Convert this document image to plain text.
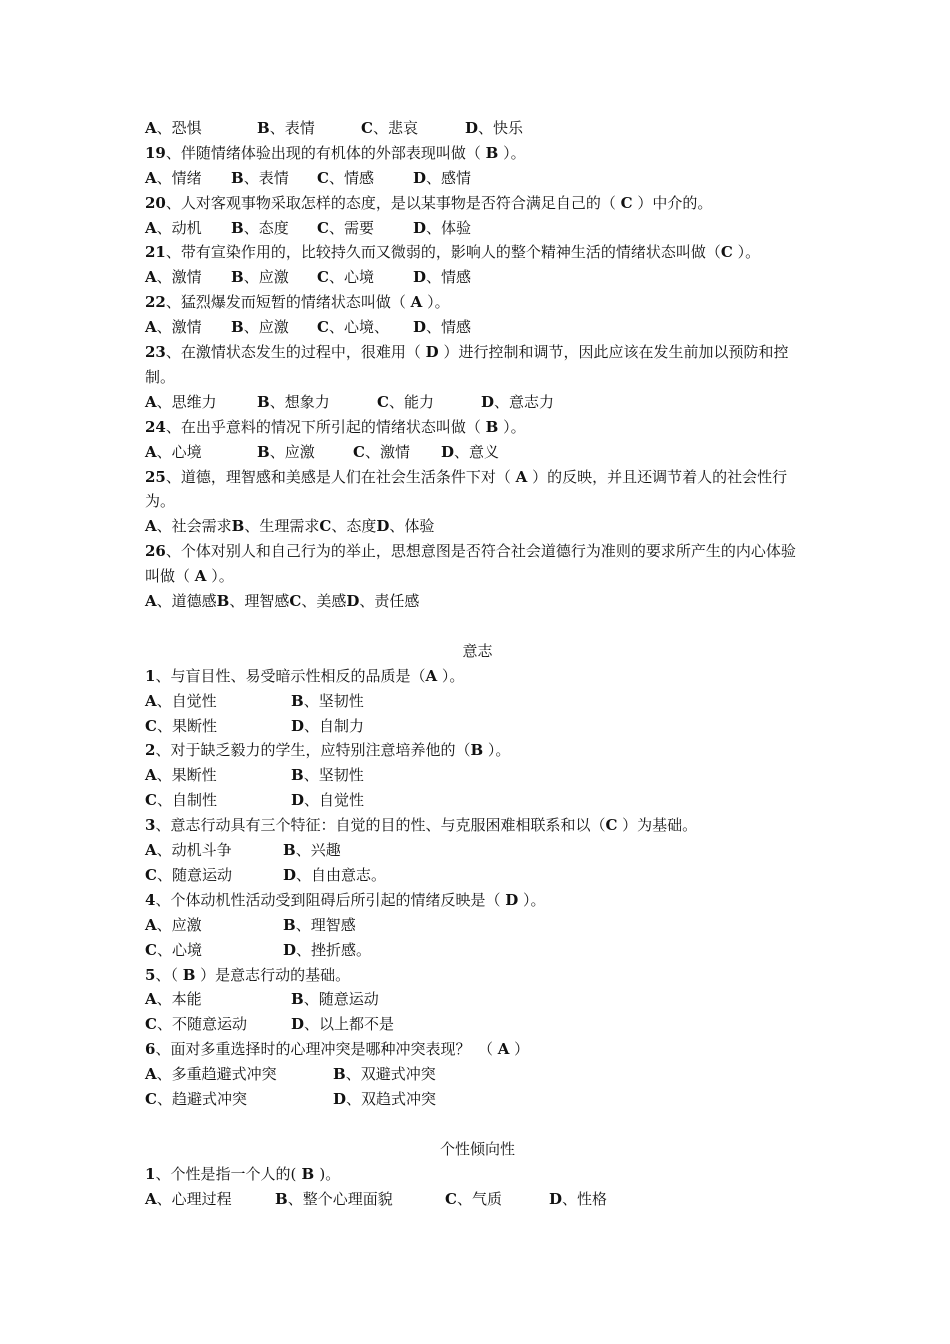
A、恐惧	B、表情	C、悲哀	D、快乐
19、伴随情绪体验出现的有机体的外部表现叫做（ B ）。
A、情绪 B、表情 C、情感	D、感情
20、人对客观事物采取怎样的态度，是以某事物是否符合满足自己的（ C ）中介的。
A、动机 B、态度 C、需要	D、体验
21、带有宣染作用的，比较持久而又微弱的，影响人的整个精神生活的情绪状态叫做（C ）。
A、激情 B、应激 C、心境	D、情感
22、猛烈爆发而短暂的情绪状态叫做（ A ）。
A、激情 B、应激 C、心境、 D、情感
23、在激情状态发生的过程中，很难用（ D ）进行控制和调节，因此应该在发生前加以预防和控制。
A、思维力	B、想象力	C、能力	D、意志力
24、在出乎意料的情况下所引起的情绪状态叫做（ B ）。
A、心境	B、应激	C、激情 D、意义
25、道德，理智感和美感是人们在社会生活条件下对（ A ）的反映，并且还调节着人的社会性行为。
A、社会需求B、生理需求C、态度D、体验
26、个体对别人和自己行为的举止，思想意图是否符合社会道德行为准则的要求所产生的内心体验叫做（ A ）。
A、道德感B、理智感C、美感D、责任感
意志
1、与盲目性、易受暗示性相反的品质是（A ）。
A、自觉性	B、坚韧性
C、果断性	D、自制力
2、对于缺乏毅力的学生，应特别注意培养他的（B ）。
A、果断性	B、坚韧性
C、自制性	D、自觉性
3、意志行动具有三个特征：自觉的目的性、与克服困难相联系和以（C ）为基础。
A、动机斗争	B、兴趣
C、随意运动	D、自由意志。
4、个体动机性活动受到阻碍后所引起的情绪反映是（ D ）。
A、应激	B、理智感
C、心境	D、挫折感。
5、（ B ）是意志行动的基础。
A、本能	B、随意运动
C、不随意运动	D、以上都不是
6、面对多重选择时的心理冲突是哪种冲突表现？　（ A ）
A、多重趋避式冲突	B、双避式冲突
C、趋避式冲突	D、双趋式冲突
个性倾向性
1、个性是指一个人的( B )。
A、心理过程	B、整个心理面貌	C、气质	D、性格
